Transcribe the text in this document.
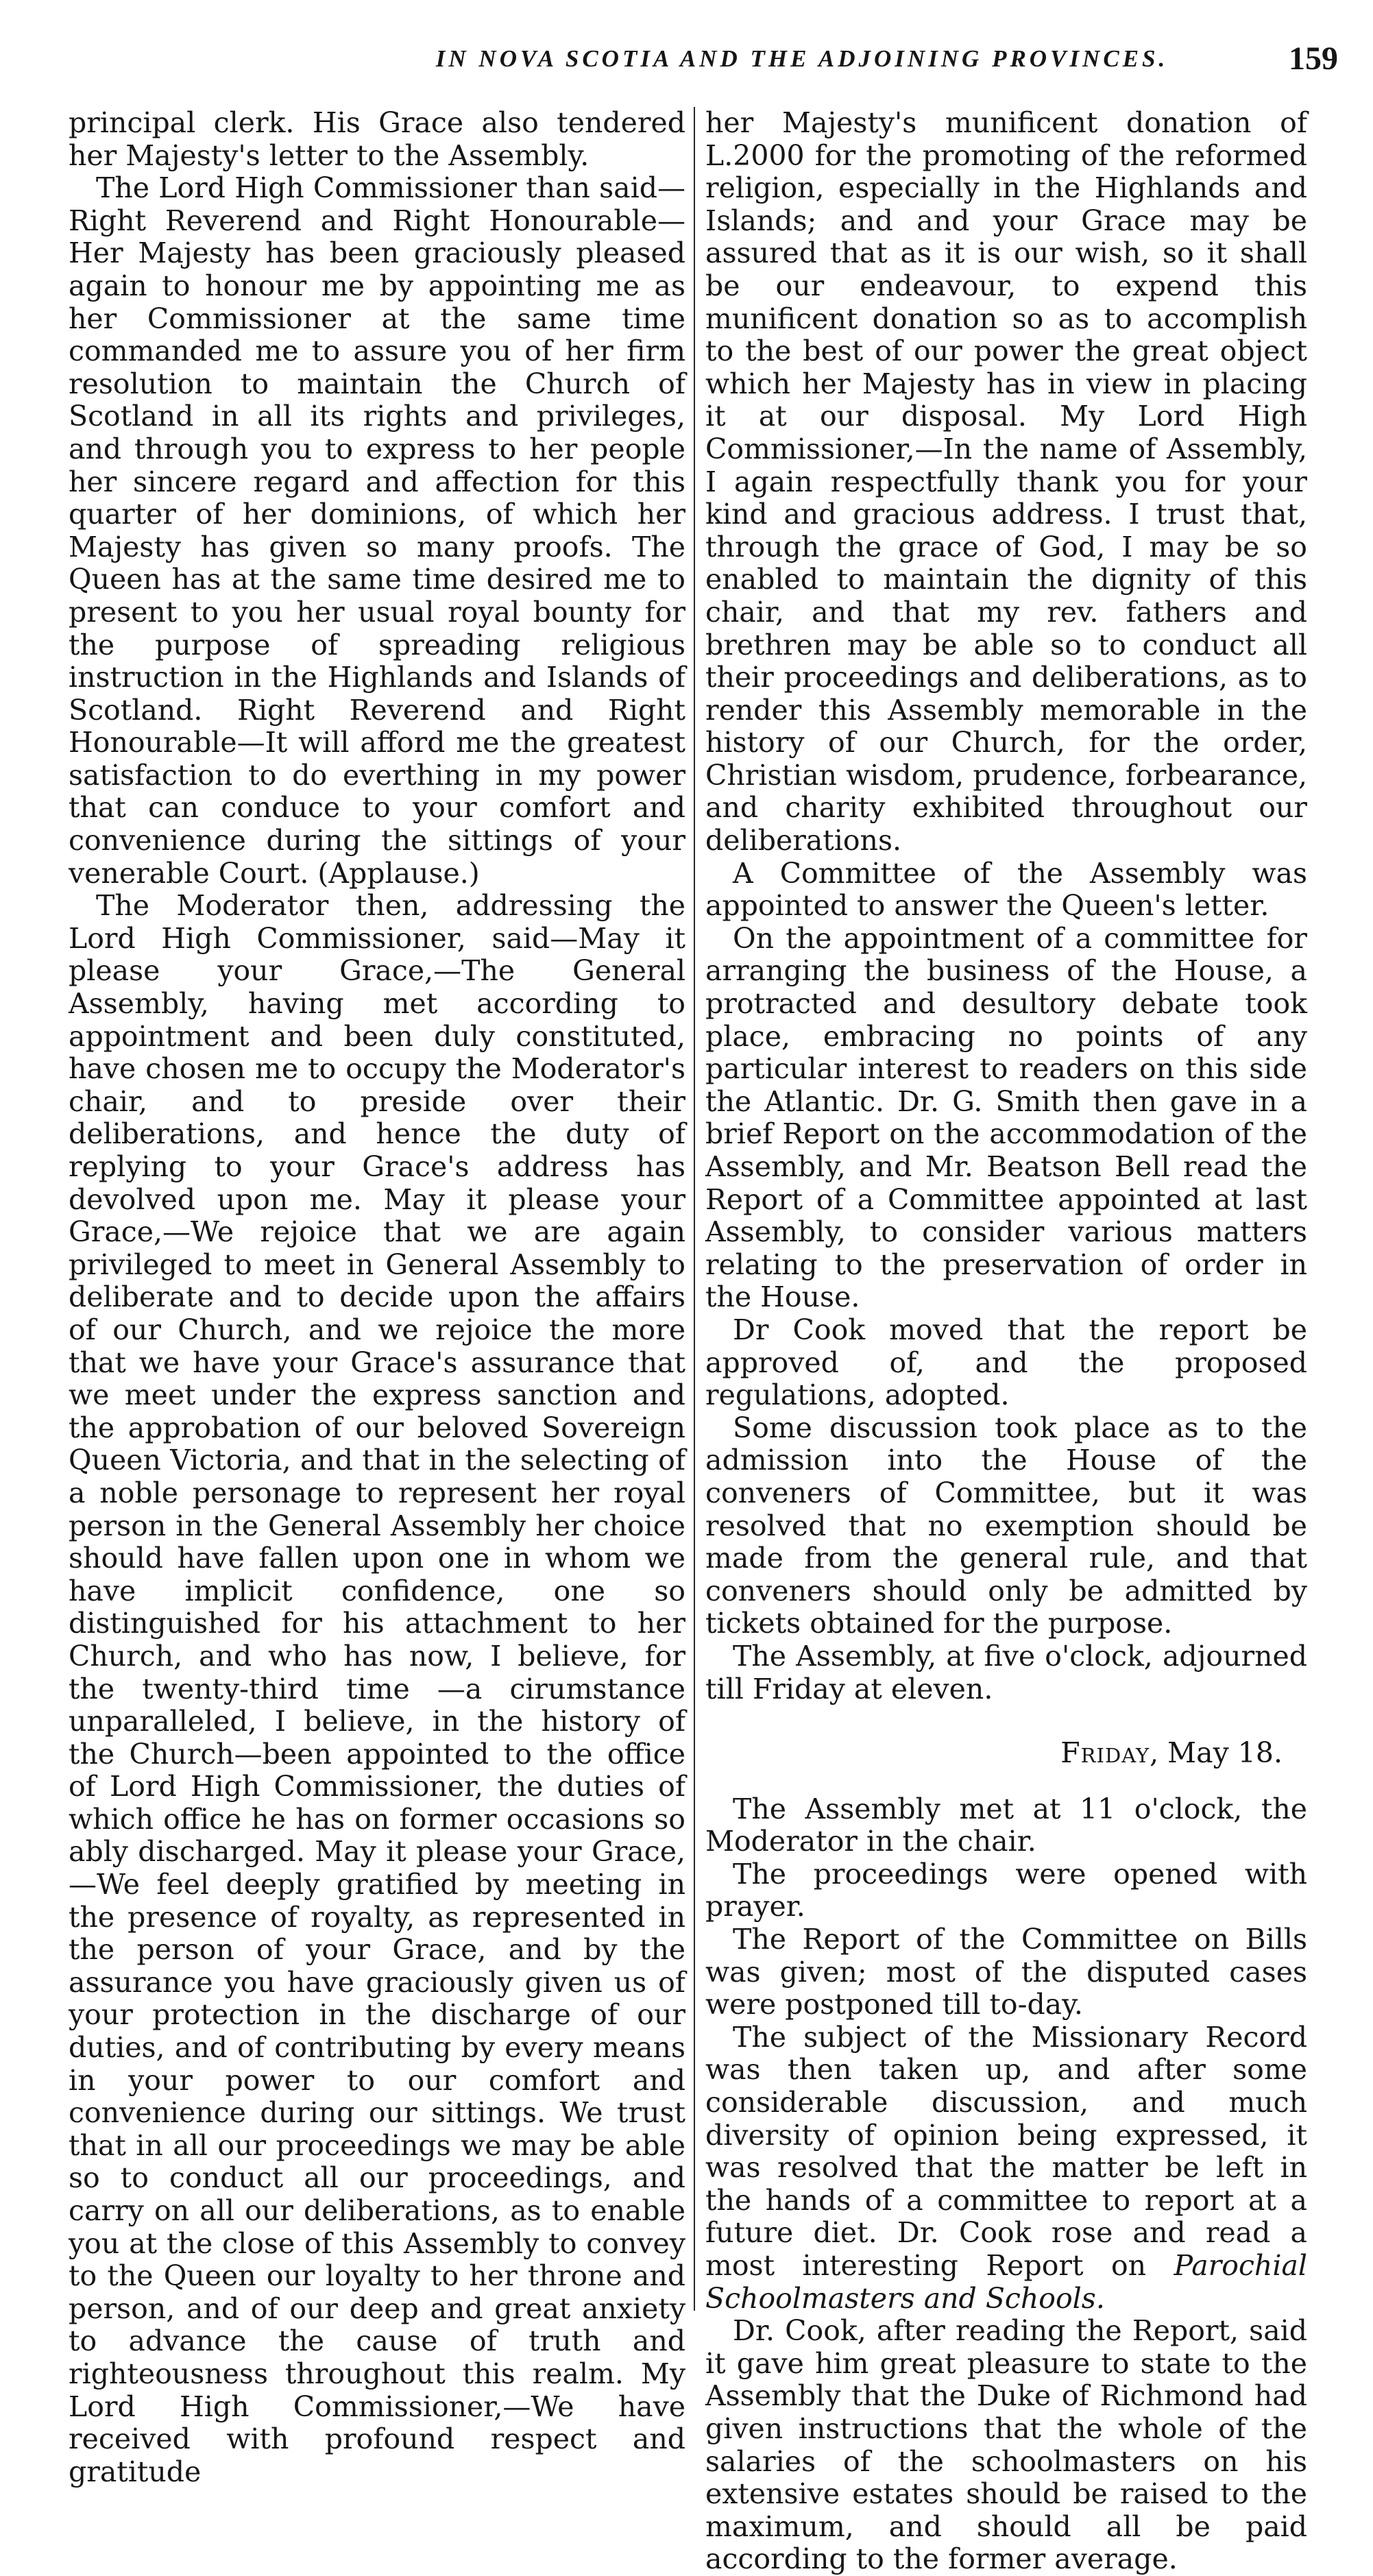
IN NOVA SCOTIA AND THE ADJOINING PROVINCES.	159

principal clerk. His Grace also tendered her Majesty's letter to the Assembly.

The Lord High Commissioner than said—Right Reverend and Right Honourable—Her Majesty has been graciously pleased again to honour me by appointing me as her Commissioner at the same time commanded me to assure you of her firm resolution to maintain the Church of Scotland in all its rights and privileges, and through you to express to her people her sincere regard and affection for this quarter of her dominions, of which her Majesty has given so many proofs. The Queen has at the same time desired me to present to you her usual royal bounty for the purpose of spreading religious instruction in the Highlands and Islands of Scotland. Right Reverend and Right Honourable—It will afford me the greatest satisfaction to do everthing in my power that can conduce to your comfort and convenience during the sittings of your venerable Court. (Applause.)

The Moderator then, addressing the Lord High Commissioner, said—May it please your Grace,—The General Assembly, having met according to appointment and been duly constituted, have chosen me to occupy the Moderator's chair, and to preside over their deliberations, and hence the duty of replying to your Grace's address has devolved upon me. May it please your Grace,—We rejoice that we are again privileged to meet in General Assembly to deliberate and to decide upon the affairs of our Church, and we rejoice the more that we have your Grace's assurance that we meet under the express sanction and the approbation of our beloved Sovereign Queen Victoria, and that in the selecting of a noble personage to represent her royal person in the General Assembly her choice should have fallen upon one in whom we have implicit confidence, one so distinguished for his attachment to her Church, and who has now, I believe, for the twenty-third time —a cirumstance unparalleled, I believe, in the history of the Church—been appointed to the office of Lord High Commissioner, the duties of which office he has on former occasions so ably discharged. May it please your Grace,—We feel deeply gratified by meeting in the presence of royalty, as represented in the person of your Grace, and by the assurance you have graciously given us of your protection in the discharge of our duties, and of contributing by every means in your power to our comfort and convenience during our sittings. We trust that in all our proceedings we may be able so to conduct all our proceedings, and carry on all our deliberations, as to enable you at the close of this Assembly to convey to the Queen our loyalty to her throne and person, and of our deep and great anxiety to advance the cause of truth and righteousness throughout this realm. My Lord High Commissioner,—We have received with profound respect and gratitude

her Majesty's munificent donation of L.2000 for the promoting of the reformed religion, especially in the Highlands and Islands; and and your Grace may be assured that as it is our wish, so it shall be our endeavour, to expend this munificent donation so as to accomplish to the best of our power the great object which her Majesty has in view in placing it at our disposal. My Lord High Commissioner,—In the name of Assembly, I again respectfully thank you for your kind and gracious address. I trust that, through the grace of God, I may be so enabled to maintain the dignity of this chair, and that my rev. fathers and brethren may be able so to conduct all their proceedings and deliberations, as to render this Assembly memorable in the history of our Church, for the order, Christian wisdom, prudence, forbearance, and charity exhibited throughout our deliberations.

A Committee of the Assembly was appointed to answer the Queen's letter.

On the appointment of a committee for arranging the business of the House, a protracted and desultory debate took place, embracing no points of any particular interest to readers on this side the Atlantic. Dr. G. Smith then gave in a brief Report on the accommodation of the Assembly, and Mr. Beatson Bell read the Report of a Committee appointed at last Assembly, to consider various matters relating to the preservation of order in the House.

Dr Cook moved that the report be approved of, and the proposed regulations, adopted.

Some discussion took place as to the admission into the House of the conveners of Committee, but it was resolved that no exemption should be made from the general rule, and that conveners should only be admitted by tickets obtained for the purpose.

The Assembly, at five o'clock, adjourned till Friday at eleven.

Friday, May 18.

The Assembly met at 11 o'clock, the Moderator in the chair.

The proceedings were opened with prayer.

The Report of the Committee on Bills was given; most of the disputed cases were postponed till to-day.

The subject of the Missionary Record was then taken up, and after some considerable discussion, and much diversity of opinion being expressed, it was resolved that the matter be left in the hands of a committee to report at a future diet. Dr. Cook rose and read a most interesting Report on Parochial Schoolmasters and Schools.

Dr. Cook, after reading the Report, said it gave him great pleasure to state to the Assembly that the Duke of Richmond had given instructions that the whole of the salaries of the schoolmasters on his extensive estates should be raised to the maximum, and should all be paid according to the former average.
